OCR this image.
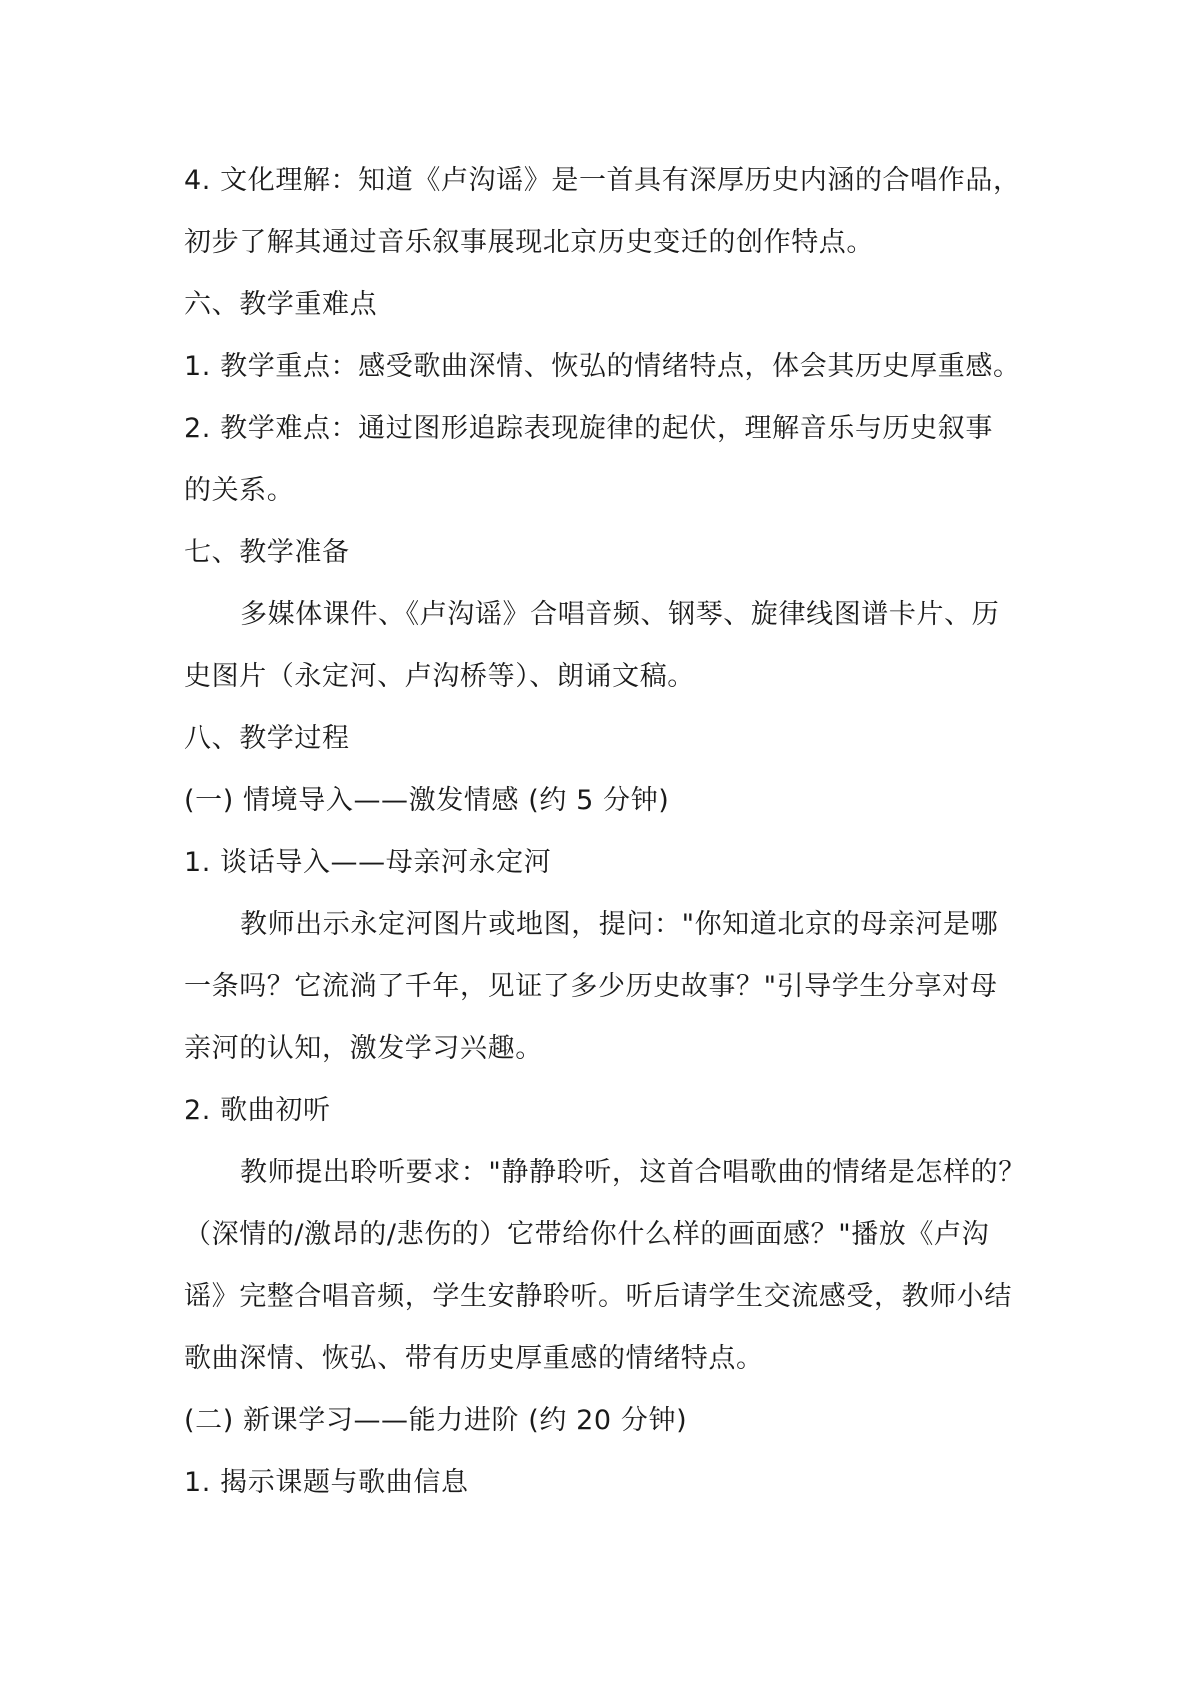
4. 文化理解：知道《卢沟谣》是一首具有深厚历史内涵的合唱作品，

初步了解其通过音乐叙事展现北京历史变迁的创作特点。

六、教学重难点

1. 教学重点：感受歌曲深情、恢弘的情绪特点，体会其历史厚重感。

2. 教学难点：通过图形追踪表现旋律的起伏，理解音乐与历史叙事

的关系。

七、教学准备

多媒体课件、《卢沟谣》合唱音频、钢琴、旋律线图谱卡片、历

史图片（永定河、卢沟桥等）、朗诵文稿。

八、教学过程

(一) 情境导入——激发情感 (约 5 分钟)

1. 谈话导入——母亲河永定河

教师出示永定河图片或地图，提问："你知道北京的母亲河是哪

一条吗？它流淌了千年，见证了多少历史故事？"引导学生分享对母

亲河的认知，激发学习兴趣。

2. 歌曲初听

教师提出聆听要求："静静聆听，这首合唱歌曲的情绪是怎样的？

（深情的/激昂的/悲伤的）它带给你什么样的画面感？"播放《卢沟

谣》完整合唱音频，学生安静聆听。听后请学生交流感受，教师小结

歌曲深情、恢弘、带有历史厚重感的情绪特点。

(二) 新课学习——能力进阶 (约 20 分钟)

1. 揭示课题与歌曲信息
